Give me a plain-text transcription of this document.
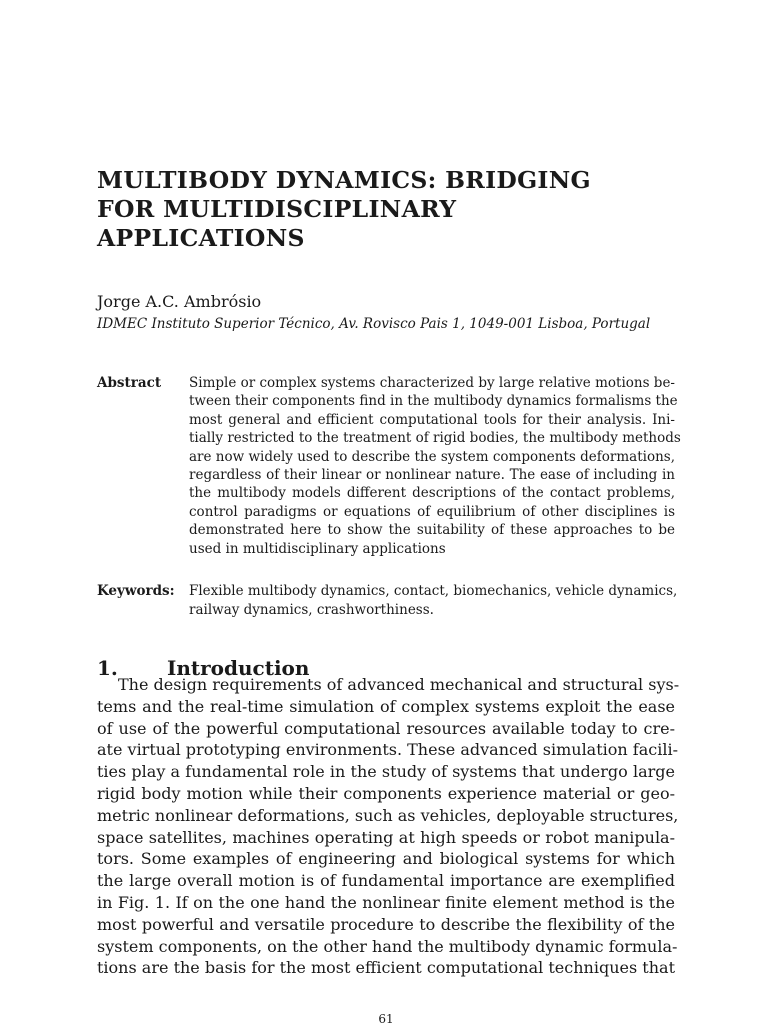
MULTIBODY DYNAMICS: BRIDGING
FOR MULTIDISCIPLINARY
APPLICATIONS
Jorge A.C. Ambrósio
IDMEC Instituto Superior Técnico, Av. Rovisco Pais 1, 1049-001 Lisboa, Portugal
Abstract Simple or complex systems characterized by large relative motions be-
tween their components find in the multibody dynamics formalisms the
most general and efficient computational tools for their analysis. Ini-
tially restricted to the treatment of rigid bodies, the multibody methods
are now widely used to describe the system components deformations,
regardless of their linear or nonlinear nature. The ease of including in
the multibody models different descriptions of the contact problems,
control paradigms or equations of equilibrium of other disciplines is
demonstrated here to show the suitability of these approaches to be
used in multidisciplinary applications
Keywords: Flexible multibody dynamics, contact, biomechanics, vehicle dynamics,
railway dynamics, crashworthiness.
1. Introduction
The design requirements of advanced mechanical and structural sys-
tems and the real-time simulation of complex systems exploit the ease
of use of the powerful computational resources available today to cre-
ate virtual prototyping environments. These advanced simulation facili-
ties play a fundamental role in the study of systems that undergo large
rigid body motion while their components experience material or geo-
metric nonlinear deformations, such as vehicles, deployable structures,
space satellites, machines operating at high speeds or robot manipula-
tors. Some examples of engineering and biological systems for which
the large overall motion is of fundamental importance are exemplified
in Fig. 1. If on the one hand the nonlinear finite element method is the
most powerful and versatile procedure to describe the flexibility of the
system components, on the other hand the multibody dynamic formula-
tions are the basis for the most efficient computational techniques that
61
